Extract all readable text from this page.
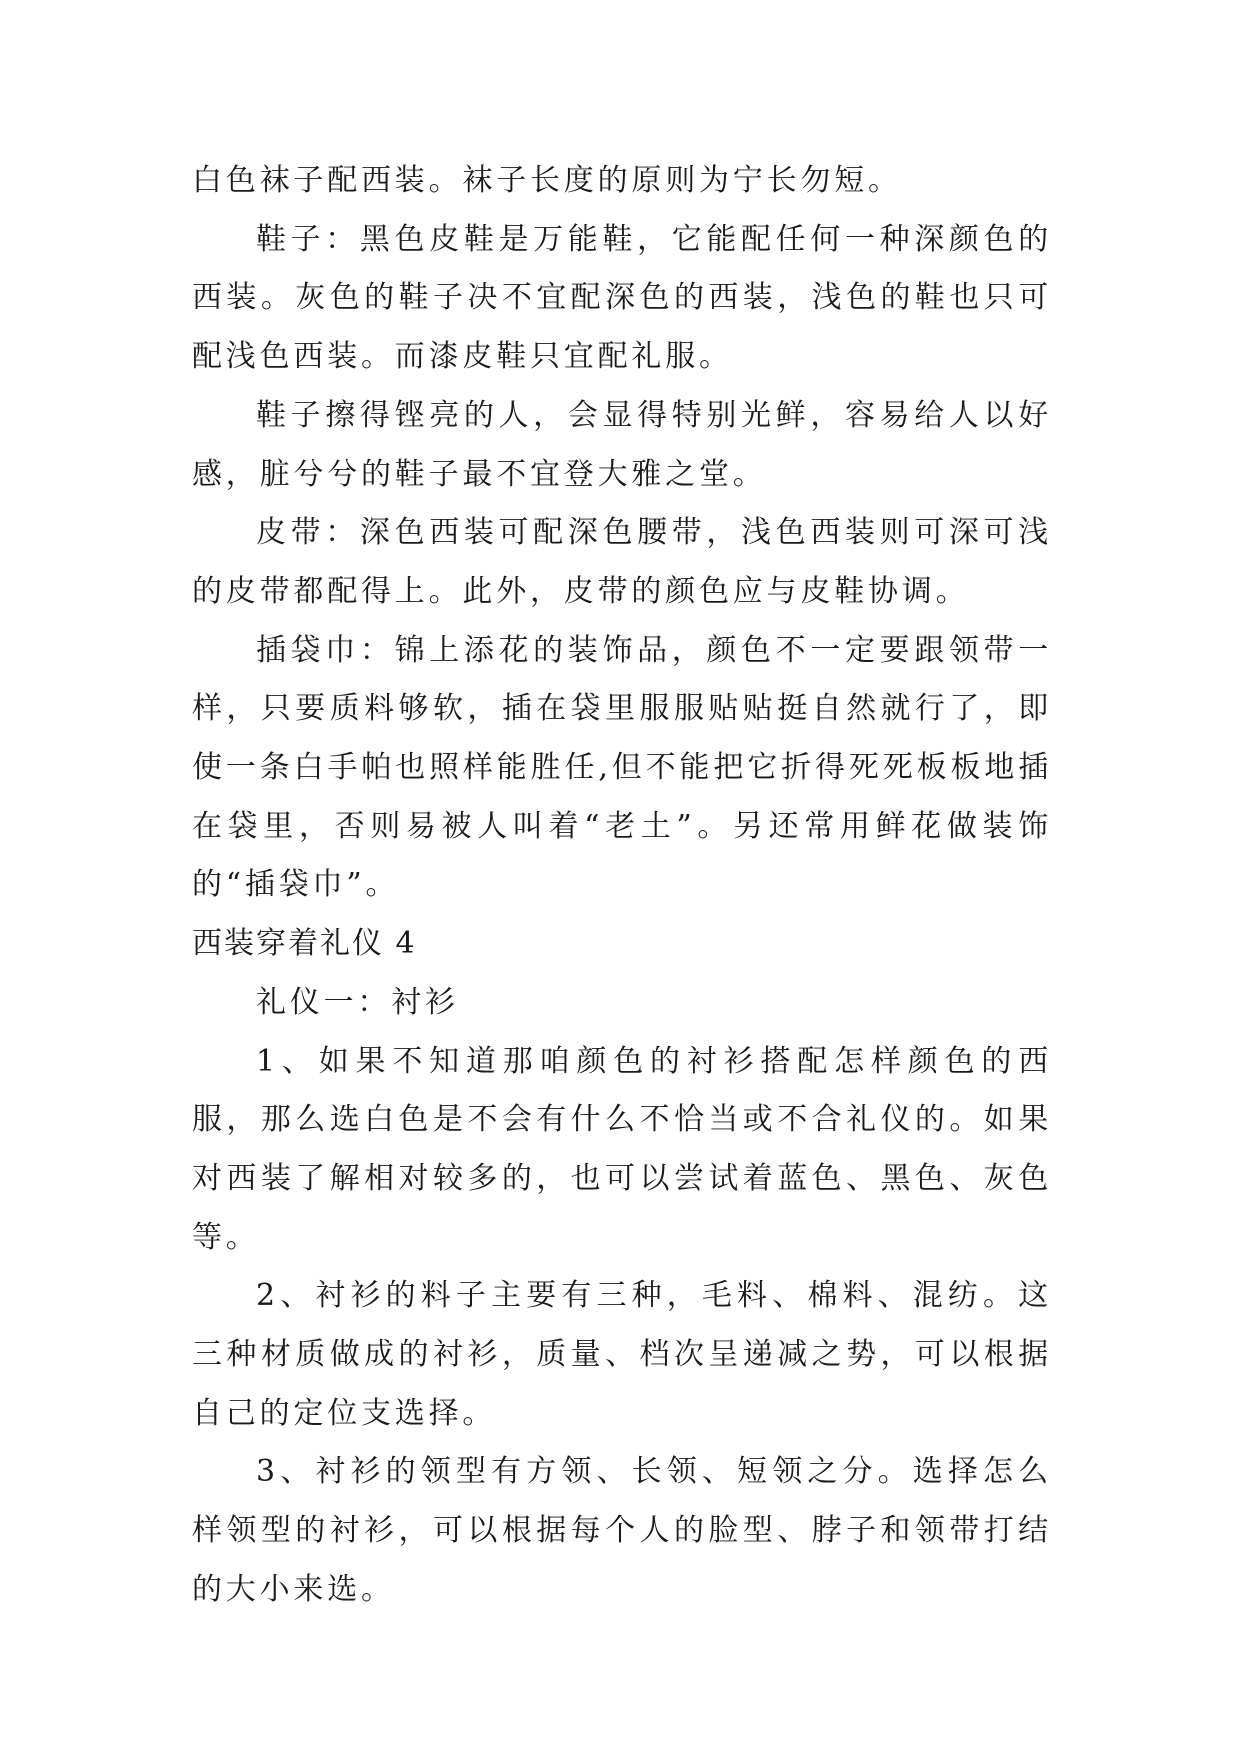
白色袜子配西装。袜子长度的原则为宁长勿短。

鞋子：黑色皮鞋是万能鞋，它能配任何一种深颜色的西装。灰色的鞋子决不宜配深色的西装，浅色的鞋也只可配浅色西装。而漆皮鞋只宜配礼服。

鞋子擦得铿亮的人，会显得特别光鲜，容易给人以好感，脏兮兮的鞋子最不宜登大雅之堂。

皮带：深色西装可配深色腰带，浅色西装则可深可浅的皮带都配得上。此外，皮带的颜色应与皮鞋协调。

插袋巾：锦上添花的装饰品，颜色不一定要跟领带一样，只要质料够软，插在袋里服服贴贴挺自然就行了，即使一条白手帕也照样能胜任,但不能把它折得死死板板地插在袋里，否则易被人叫着“老土”。另还常用鲜花做装饰的“插袋巾”。

西装穿着礼仪 4

礼仪一：衬衫

1、如果不知道那咱颜色的衬衫搭配怎样颜色的西服，那么选白色是不会有什么不恰当或不合礼仪的。如果对西装了解相对较多的，也可以尝试着蓝色、黑色、灰色等。

2、衬衫的料子主要有三种，毛料、棉料、混纺。这三种材质做成的衬衫，质量、档次呈递减之势，可以根据自己的定位支选择。

3、衬衫的领型有方领、长领、短领之分。选择怎么样领型的衬衫，可以根据每个人的脸型、脖子和领带打结的大小来选。
